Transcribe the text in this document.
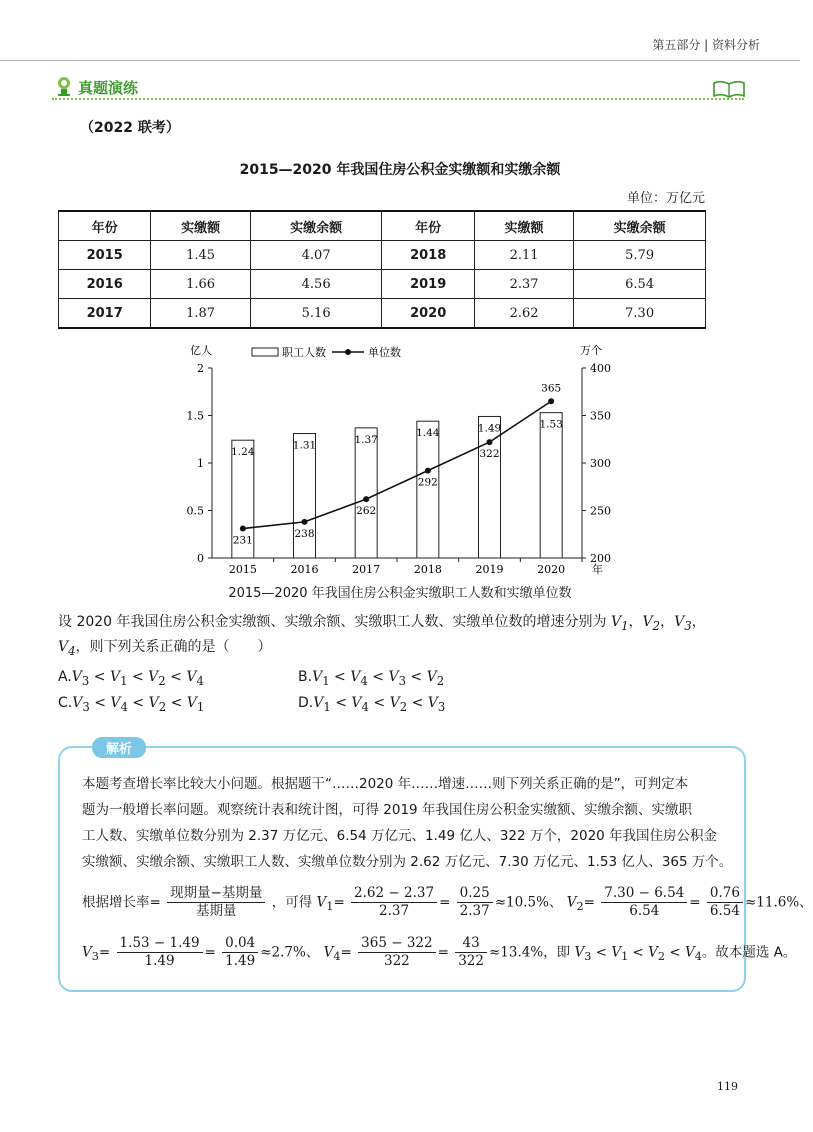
第五部分 | 资料分析
真题演练
（2022 联考）
2015—2020 年我国住房公积金实缴额和实缴余额
单位：万亿元
年份	实缴额	实缴余额	年份	实缴额	实缴余额
2015	1.45	4.07	2018	2.11	5.79
2016	1.66	4.56	2019	2.37	6.54
2017	1.87	5.16	2020	2.62	7.30
0
0.5
1
1.5
2
200
250
300
350
400
亿人	万个
2015	2016	2017	2018	2019	2020 年
1.24
1.31	1.37
1.44	1.49	1.53
231
238
262
292
322
365
职工人数	单位数
2015—2020 年我国住房公积金实缴职工人数和实缴单位数
设 2020 年我国住房公积金实缴额、实缴余额、实缴职工人数、实缴单位数的增速分别为 $V_1$，$V_2$，$V_3$，
$V_4$，则下列关系正确的是（　　）
$A.V_3 < V_1 < V_2 < V_4$	$B.V_1 < V_4 < V_3 < V_2$
$C.V_3 < V_4 < V_2 < V_1$	$D.V_1 < V_4 < V_2 < V_3$
解析
本题考查增长率比较大小问题。根据题干“……2020 年……增速……则下列关系正确的是”，可判定本
题为一般增长率问题。观察统计表和统计图，可得 2019 年我国住房公积金实缴额、实缴余额、实缴职
工人数、实缴单位数分别为 2.37 万亿元、6.54 万亿元、1.49 亿人、322 万个，2020 年我国住房公积金
实缴额、实缴余额、实缴职工人数、实缴单位数分别为 2.62 万亿元、7.30 万亿元、1.53 亿人、365 万个。
根据增长率= $\frac{\text{现期量−基期量}}{\text{基期量}}$ ，可得 $V_1= \frac{2.62 - 2.37}{2.37} = \frac{0.25}{2.37} \approx 10.5\%$、 $V_2= \frac{7.30 - 6.54}{6.54} = \frac{0.76}{6.54} \approx 11.6\%$、
$V_3= \frac{1.53 - 1.49}{1.49} = \frac{0.04}{1.49} \approx 2.7\%$、 $V_4= \frac{365 - 322}{322} = \frac{43}{322} \approx 13.4\%$，即 $V_3 < V_1 < V_2 < V_4$。故本题选 A。
119
